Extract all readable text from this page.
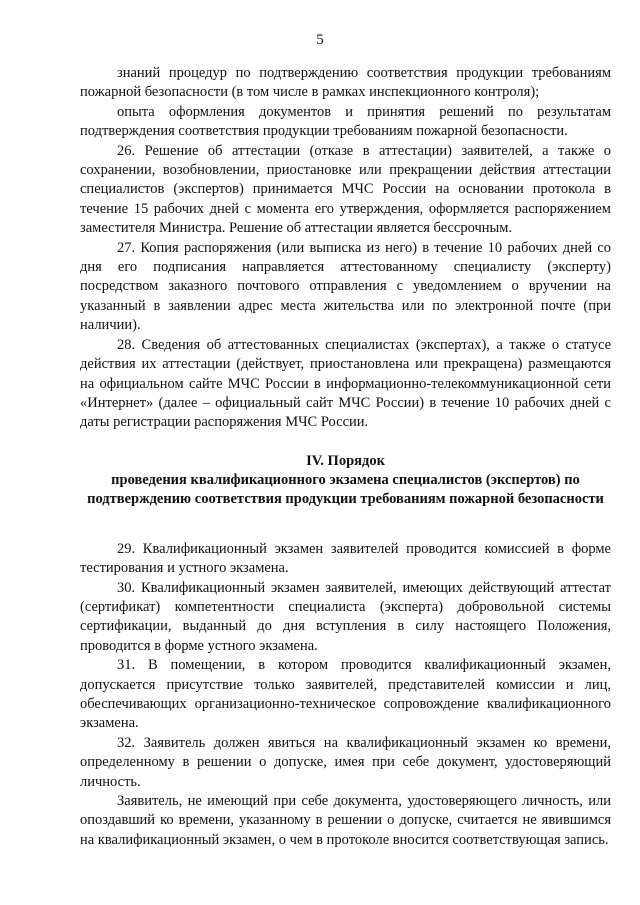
5

знаний процедур по подтверждению соответствия продукции требованиям пожарной безопасности (в том числе в рамках инспекционного контроля);

опыта оформления документов и принятия решений по результатам подтверждения соответствия продукции требованиям пожарной безопасности.

26. Решение об аттестации (отказе в аттестации) заявителей, а также о сохранении, возобновлении, приостановке или прекращении действия аттестации специалистов (экспертов) принимается МЧС России на основании протокола в течение 15 рабочих дней с момента его утверждения, оформляется распоряжением заместителя Министра. Решение об аттестации является бессрочным.

27. Копия распоряжения (или выписка из него) в течение 10 рабочих дней со дня его подписания направляется аттестованному специалисту (эксперту) посредством заказного почтового отправления с уведомлением о вручении на указанный в заявлении адрес места жительства или по электронной почте (при наличии).

28. Сведения об аттестованных специалистах (экспертах), а также о статусе действия их аттестации (действует, приостановлена или прекращена) размещаются на официальном сайте МЧС России в информационно-телекоммуникационной сети «Интернет» (далее – официальный сайт МЧС России) в течение 10 рабочих дней с даты регистрации распоряжения МЧС России.

IV. Порядок
проведения квалификационного экзамена специалистов (экспертов) по подтверждению соответствия продукции требованиям пожарной безопасности

29. Квалификационный экзамен заявителей проводится комиссией в форме тестирования и устного экзамена.

30. Квалификационный экзамен заявителей, имеющих действующий аттестат (сертификат) компетентности специалиста (эксперта) добровольной системы сертификации, выданный до дня вступления в силу настоящего Положения, проводится в форме устного экзамена.

31. В помещении, в котором проводится квалификационный экзамен, допускается присутствие только заявителей, представителей комиссии и лиц, обеспечивающих организационно-техническое сопровождение квалификационного экзамена.

32. Заявитель должен явиться на квалификационный экзамен ко времени, определенному в решении о допуске, имея при себе документ, удостоверяющий личность.

Заявитель, не имеющий при себе документа, удостоверяющего личность, или опоздавший ко времени, указанному в решении о допуске, считается не явившимся на квалификационный экзамен, о чем в протоколе вносится соответствующая запись.
